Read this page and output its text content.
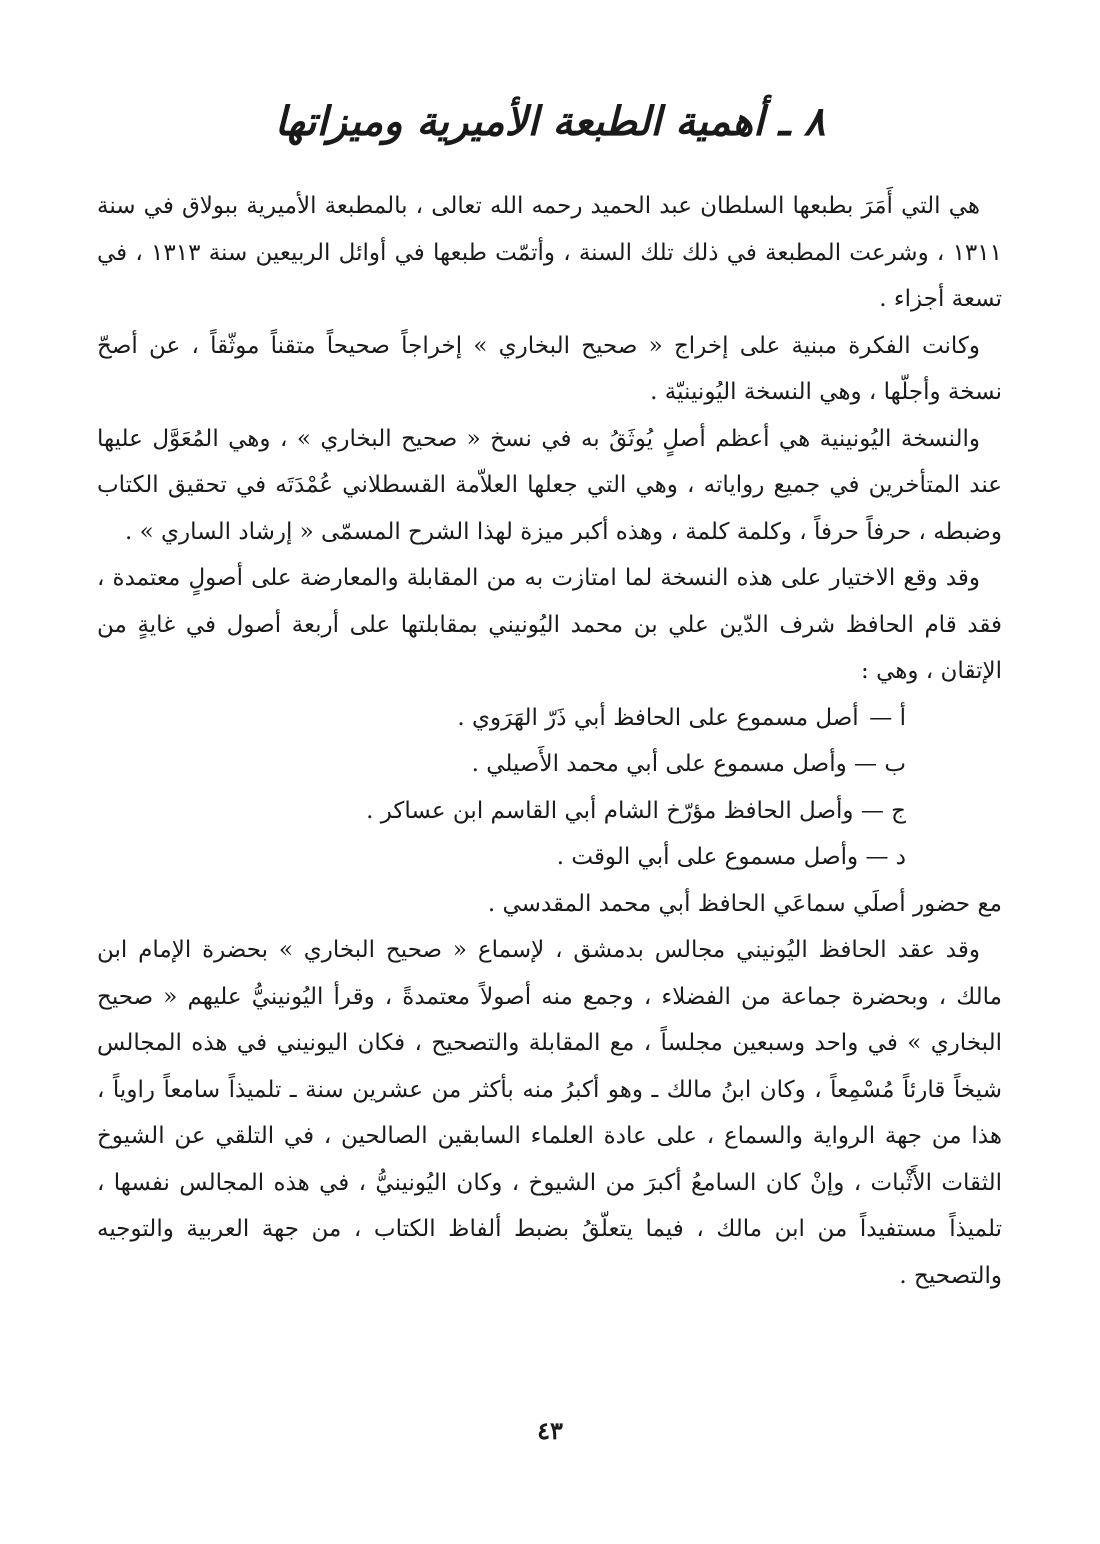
٨ ـ أهمية الطبعة الأميرية وميزاتها

هي التي أَمَرَ بطبعها السلطان عبد الحميد رحمه الله تعالى ، بالمطبعة الأميرية ببولاق في سنة ١٣١١ ، وشرعت المطبعة في ذلك تلك السنة ، وأتمّت طبعها في أوائل الربيعين سنة ١٣١٣ ، في تسعة أجزاء .

وكانت الفكرة مبنية على إخراج « صحيح البخاري » إخراجاً صحيحاً متقناً موثّقاً ، عن أصحّ نسخة وأجلّها ، وهي النسخة اليُونينيّة .

والنسخة اليُونينية هي أعظم أصلٍ يُوثَقُ به في نسخ « صحيح البخاري » ، وهي المُعَوَّل عليها عند المتأخرين في جميع رواياته ، وهي التي جعلها العلاّمة القسطلاني عُمْدَتَه في تحقيق الكتاب وضبطه ، حرفاً حرفاً ، وكلمة كلمة ، وهذه أكبر ميزة لهذا الشرح المسمّى « إرشاد الساري » .

وقد وقع الاختيار على هذه النسخة لما امتازت به من المقابلة والمعارضة على أصولٍ معتمدة ، فقد قام الحافظ شرف الدّين علي بن محمد اليُونيني بمقابلتها على أربعة أصول في غايةٍ من الإتقان ، وهي :

أ — أصل مسموع على الحافظ أبي ذَرّ الهَرَوي .
ب — وأصل مسموع على أبي محمد الأَصيلي .
ج — وأصل الحافظ مؤرّخ الشام أبي القاسم ابن عساكر .
د — وأصل مسموع على أبي الوقت .

مع حضور أصلَي سماعَي الحافظ أبي محمد المقدسي .

وقد عقد الحافظ اليُونيني مجالس بدمشق ، لإسماع « صحيح البخاري » بحضرة الإمام ابن مالك ، وبحضرة جماعة من الفضلاء ، وجمع منه أصولاً معتمدةً ، وقرأ اليُونينيُّ عليهم « صحيح البخاري » في واحد وسبعين مجلساً ، مع المقابلة والتصحيح ، فكان اليونيني في هذه المجالس شيخاً قارئاً مُسْمِعاً ، وكان ابنُ مالك ـ وهو أكبرُ منه بأكثر من عشرين سنة ـ تلميذاً سامعاً راوياً ، هذا من جهة الرواية والسماع ، على عادة العلماء السابقين الصالحين ، في التلقي عن الشيوخ الثقات الأَثْبات ، وإنْ كان السامعُ أكبرَ من الشيوخ ، وكان اليُونينيُّ ، في هذه المجالس نفسها ، تلميذاً مستفيداً من ابن مالك ، فيما يتعلّقُ بضبط ألفاظ الكتاب ، من جهة العربية والتوجيه والتصحيح .

٤٣
